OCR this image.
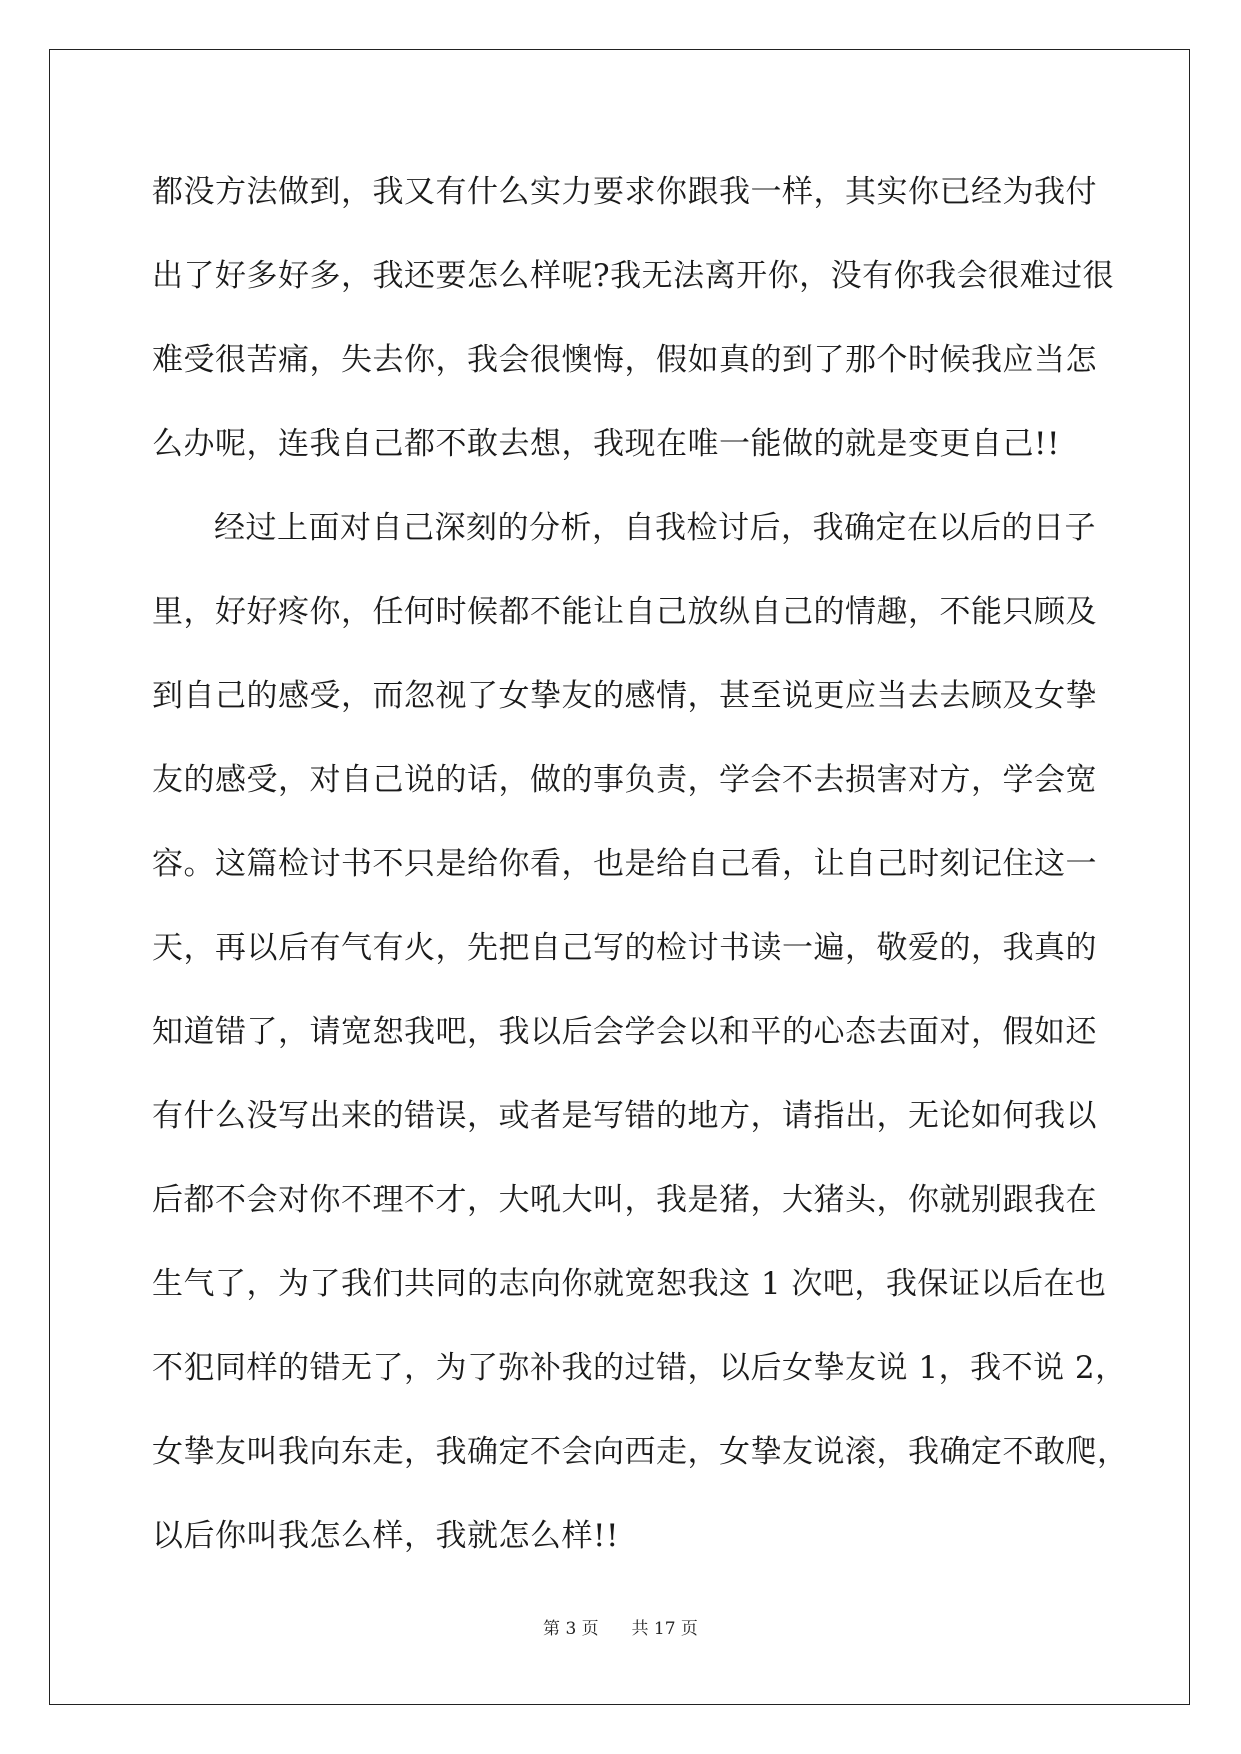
都没方法做到，我又有什么实力要求你跟我一样，其实你已经为我付
出了好多好多，我还要怎么样呢?我无法离开你，没有你我会很难过很
难受很苦痛，失去你，我会很懊悔，假如真的到了那个时候我应当怎
么办呢，连我自己都不敢去想，我现在唯一能做的就是变更自己!!
经过上面对自己深刻的分析，自我检讨后，我确定在以后的日子
里，好好疼你，任何时候都不能让自己放纵自己的情趣，不能只顾及
到自己的感受，而忽视了女挚友的感情，甚至说更应当去去顾及女挚
友的感受，对自己说的话，做的事负责，学会不去损害对方，学会宽
容。这篇检讨书不只是给你看，也是给自己看，让自己时刻记住这一
天，再以后有气有火，先把自己写的检讨书读一遍，敬爱的，我真的
知道错了，请宽恕我吧，我以后会学会以和平的心态去面对，假如还
有什么没写出来的错误，或者是写错的地方，请指出，无论如何我以
后都不会对你不理不才，大吼大叫，我是猪，大猪头，你就别跟我在
生气了，为了我们共同的志向你就宽恕我这 1 次吧，我保证以后在也
不犯同样的错无了，为了弥补我的过错，以后女挚友说 1，我不说 2，
女挚友叫我向东走，我确定不会向西走，女挚友说滚，我确定不敢爬，
以后你叫我怎么样，我就怎么样!!
第 3 页 共 17 页
